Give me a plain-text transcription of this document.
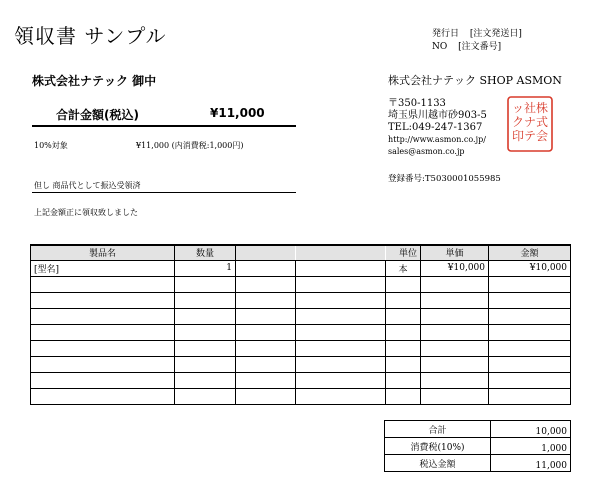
領収書 サンプル	発行日 [注文発送日]
NO [注文番号]
株式会社ナテック 御中	株式会社ナテック SHOP ASMON
合計金額(税込)	¥11,000
10%対象	¥11,000 (内消費税:1,000円)
〒350-1133
埼玉県川越市砂903-5
TEL:049-247-1367
http://www.asmon.co.jp/
sales@asmon.co.jp
株
式
会
社
ナ
テ
ッ
ク
印
登録番号:T5030001055985
但し 商品代として振込受領済
上記金額正に領収致しました
製品名	数量			単位	単価	金額
[型名]	1			本	¥10,000	¥10,000

合計	10,000
消費税(10%)	1,000
税込金額	11,000
